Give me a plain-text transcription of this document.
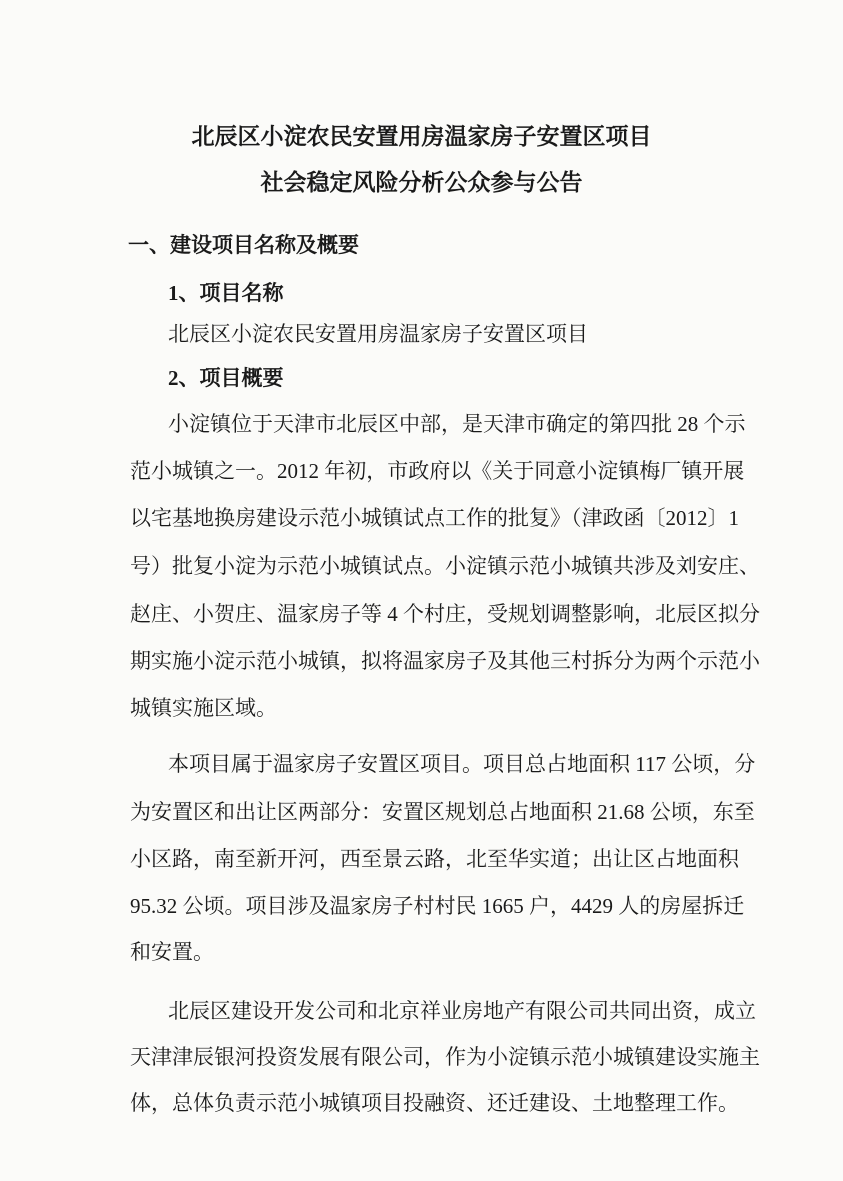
北辰区小淀农民安置用房温家房子安置区项目
社会稳定风险分析公众参与公告
一、建设项目名称及概要
1、项目名称
北辰区小淀农民安置用房温家房子安置区项目
2、项目概要
小淀镇位于天津市北辰区中部，是天津市确定的第四批 28 个示
范小城镇之一。2012 年初，市政府以《关于同意小淀镇梅厂镇开展
以宅基地换房建设示范小城镇试点工作的批复》（津政函〔2012〕1
号）批复小淀为示范小城镇试点。小淀镇示范小城镇共涉及刘安庄、
赵庄、小贺庄、温家房子等 4 个村庄，受规划调整影响，北辰区拟分
期实施小淀示范小城镇，拟将温家房子及其他三村拆分为两个示范小
城镇实施区域。
本项目属于温家房子安置区项目。项目总占地面积 117 公顷，分
为安置区和出让区两部分：安置区规划总占地面积 21.68 公顷，东至
小区路，南至新开河，西至景云路，北至华实道；出让区占地面积
95.32 公顷。项目涉及温家房子村村民 1665 户，4429 人的房屋拆迁
和安置。
北辰区建设开发公司和北京祥业房地产有限公司共同出资，成立
天津津辰银河投资发展有限公司，作为小淀镇示范小城镇建设实施主
体，总体负责示范小城镇项目投融资、还迁建设、土地整理工作。
